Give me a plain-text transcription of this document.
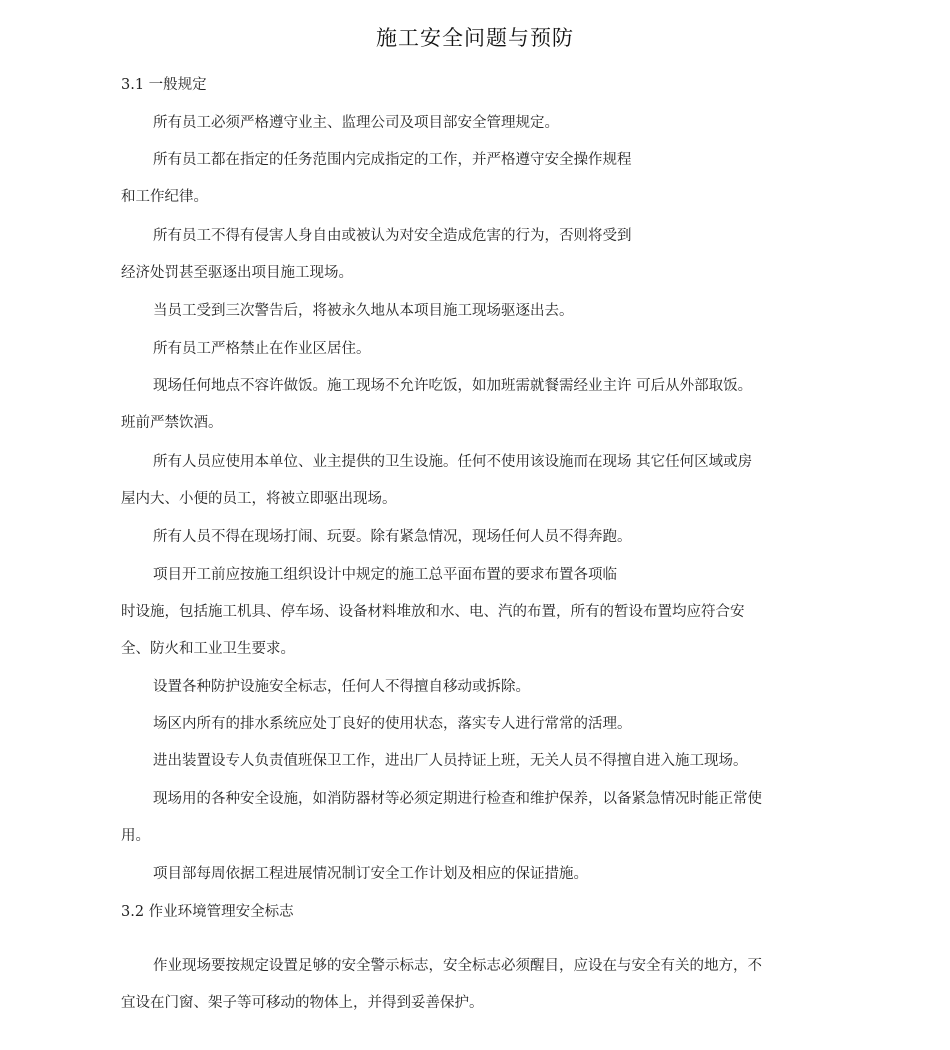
施工安全问题与预防
3.1 一般规定
所有员工必须严格遵守业主、监理公司及项目部安全管理规定。
所有员工都在指定的任务范围内完成指定的工作，并严格遵守安全操作规程
和工作纪律。
所有员工不得有侵害人身自由或被认为对安全造成危害的行为，否则将受到
经济处罚甚至驱逐出项目施工现场。
当员工受到三次警告后，将被永久地从本项目施工现场驱逐出去。
所有员工严格禁止在作业区居住。
现场任何地点不容许做饭。施工现场不允许吃饭，如加班需就餐需经业主许 可后从外部取饭。
班前严禁饮酒。
所有人员应使用本单位、业主提供的卫生设施。任何不使用该设施而在现场 其它任何区域或房
屋内大、小便的员工，将被立即驱出现场。
所有人员不得在现场打闹、玩耍。除有紧急情况，现场任何人员不得奔跑。
项目开工前应按施工组织设计中规定的施工总平面布置的要求布置各项临
时设施，包括施工机具、停车场、设备材料堆放和水、电、汽的布置，所有的暂设布置均应符合安
全、防火和工业卫生要求。
设置各种防护设施安全标志，任何人不得擅自移动或拆除。
场区内所有的排水系统应处丁良好的使用状态，落实专人进行常常的活理。
进出装置设专人负责值班保卫工作，进出厂人员持证上班，无关人员不得擅自进入施工现场。
现场用的各种安全设施，如消防器材等必须定期进行检查和维护保养，以备紧急情况时能正常使
用。
项目部每周依据工程进展情况制订安全工作计划及相应的保证措施。
3.2 作业环境管理安全标志
作业现场要按规定设置足够的安全警示标志，安全标志必须醒目，应设在与安全有关的地方，不
宜设在门窗、架子等可移动的物体上，并得到妥善保护。
